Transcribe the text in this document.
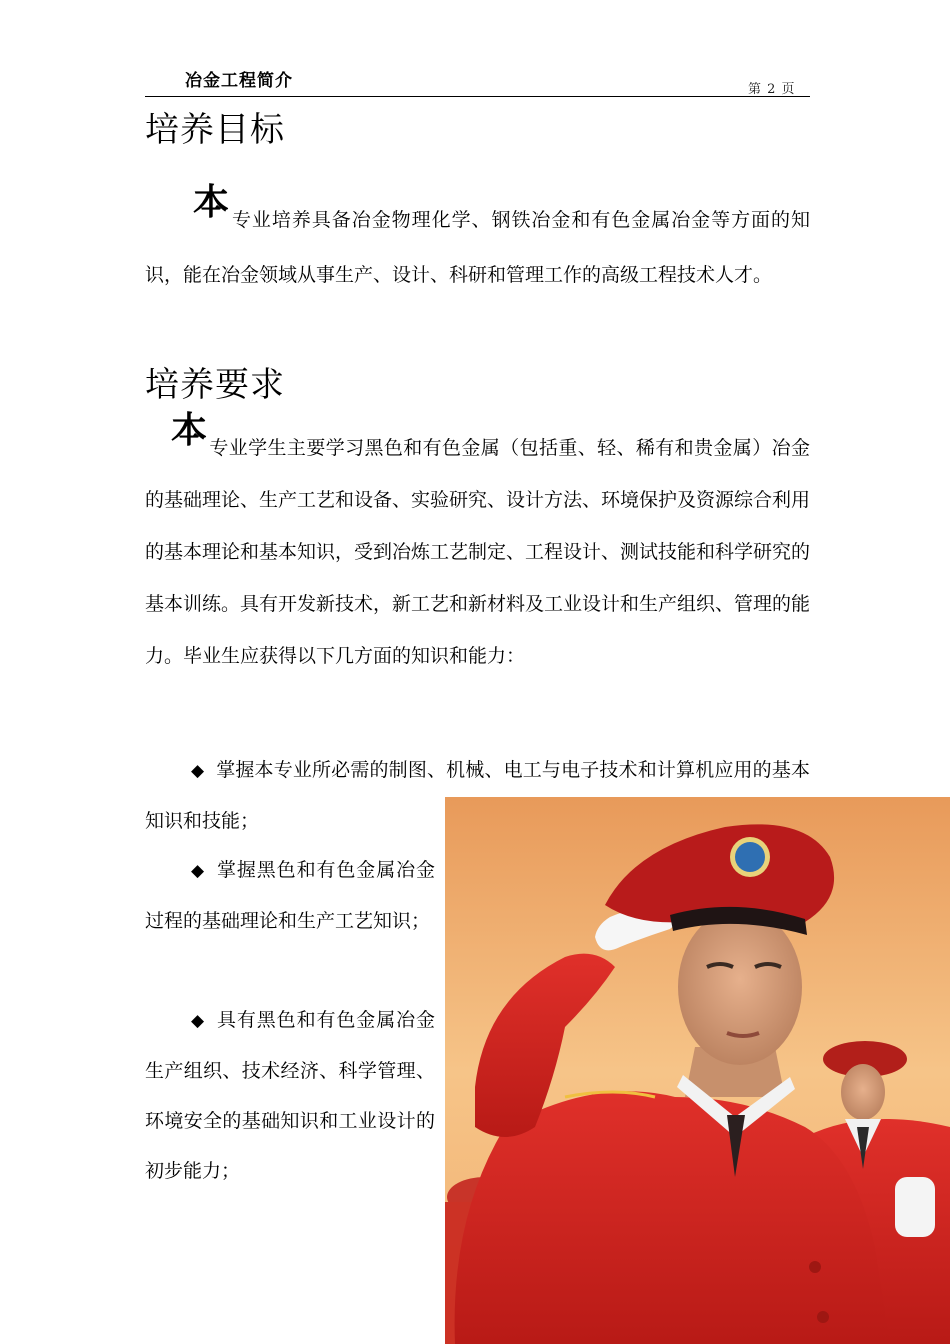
冶金工程简介	第 2 页
培养目标

本专业培养具备冶金物理化学、钢铁冶金和有色金属冶金等方面的知识，能在冶金领域从事生产、设计、科研和管理工作的高级工程技术人才。

培养要求

本专业学生主要学习黑色和有色金属（包括重、轻、稀有和贵金属）冶金的基础理论、生产工艺和设备、实验研究、设计方法、环境保护及资源综合利用的基本理论和基本知识，受到冶炼工艺制定、工程设计、测试技能和科学研究的基本训练。具有开发新技术，新工艺和新材料及工业设计和生产组织、管理的能力。毕业生应获得以下几方面的知识和能力：

◆ 掌握本专业所必需的制图、机械、电工与电子技术和计算机应用的基本知识和技能；

◆ 掌握黑色和有色金属冶金过程的基础理论和生产工艺知识；

◆ 具有黑色和有色金属冶金生产组织、技术经济、科学管理、环境安全的基础知识和工业设计的初步能力；
